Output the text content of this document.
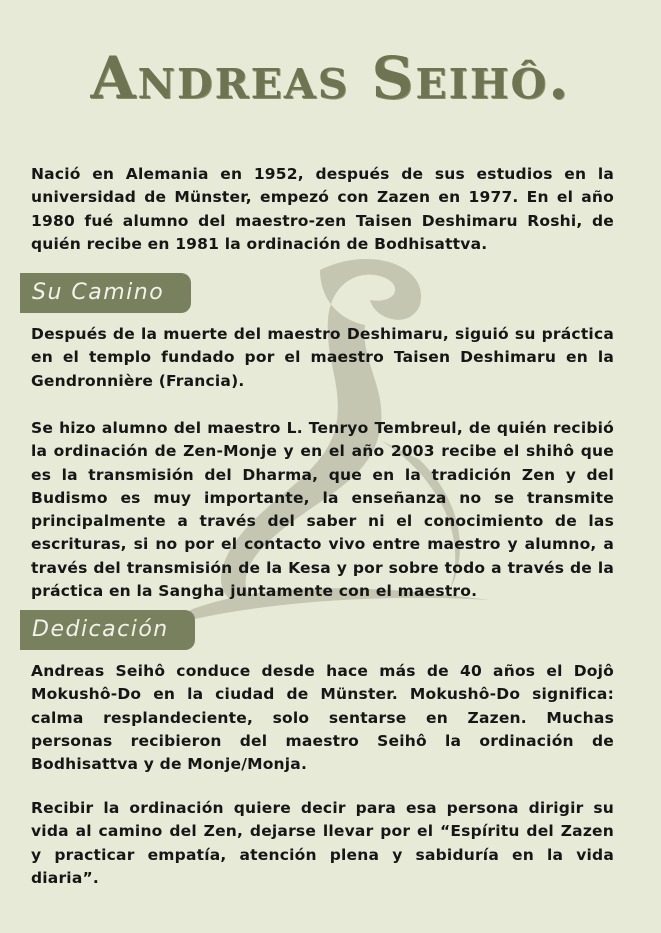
Andreas Seihô.

Nació en Alemania en 1952, después de sus estudios en la universidad de Münster, empezó con Zazen en 1977. En el año 1980 fué alumno del maestro-zen Taisen Deshimaru Roshi, de quién recibe en 1981 la ordinación de Bodhisattva.

Su Camino

Después de la muerte del maestro Deshimaru, siguió su práctica en el templo fundado por el maestro Taisen Deshimaru en la Gendronnière (Francia).

Se hizo alumno del maestro L. Tenryo Tembreul, de quién recibió la ordinación de Zen-Monje y en el año 2003 recibe el shihô que es la transmisión del Dharma, que en la tradición Zen y del Budismo es muy importante, la enseñanza no se transmite principalmente a través del saber ni el conocimiento de las escrituras, si no por el contacto vivo entre maestro y alumno, a través del transmisión de la Kesa y por sobre todo a través de la práctica en la Sangha juntamente con el maestro.

Dedicación

Andreas Seihô conduce desde hace más de 40 años el Dojô Mokushô-Do en la ciudad de Münster. Mokushô-Do significa: calma resplandeciente, solo sentarse en Zazen. Muchas personas recibieron del maestro Seihô la ordinación de Bodhisattva y de Monje/Monja.

Recibir la ordinación quiere decir para esa persona dirigir su vida al camino del Zen, dejarse llevar por el “Espíritu del Zazen y practicar empatía, atención plena y sabiduría en la vida diaria”.
